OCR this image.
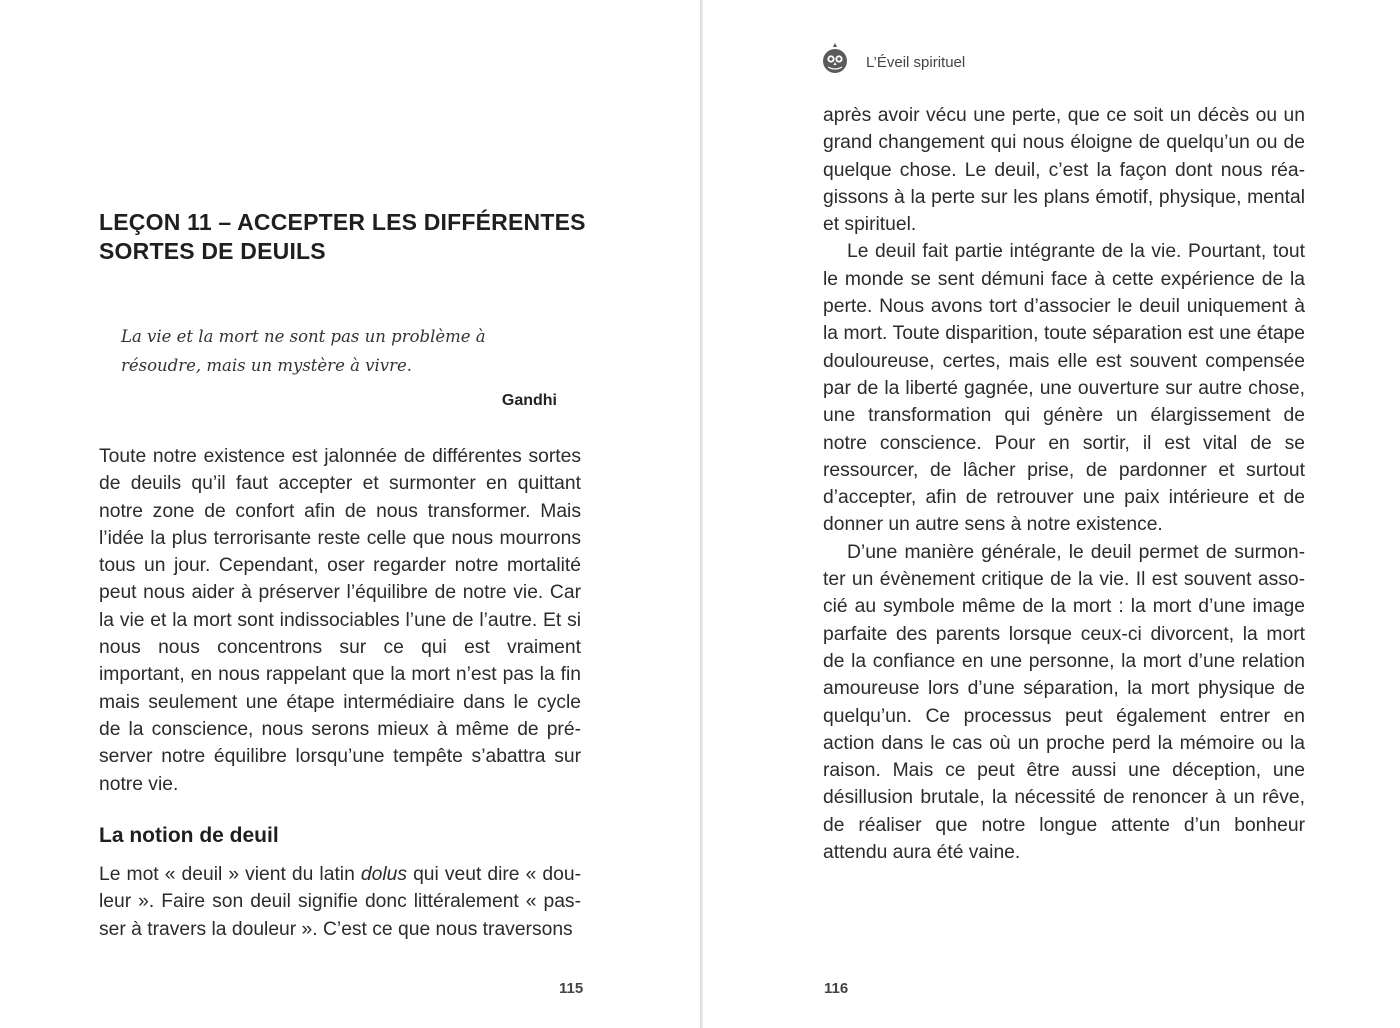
LEÇON 11 – ACCEPTER LES DIFFÉRENTES SORTES DE DEUILS

La vie et la mort ne sont pas un problème à résoudre, mais un mystère à vivre.

Gandhi

Toute notre existence est jalonnée de différentes sortes de deuils qu’il faut accepter et surmonter en quittant notre zone de confort afin de nous transformer. Mais l’idée la plus terrorisante reste celle que nous mourrons tous un jour. Cependant, oser regarder notre mortalité peut nous aider à préserver l’équilibre de notre vie. Car la vie et la mort sont indissociables l’une de l’autre. Et si nous nous concentrons sur ce qui est vraiment important, en nous rappelant que la mort n’est pas la fin mais seulement une étape intermédiaire dans le cycle de la conscience, nous serons mieux à même de préserver notre équilibre lorsqu’une tempête s’abattra sur notre vie.

La notion de deuil

Le mot « deuil » vient du latin dolus qui veut dire « douleur ». Faire son deuil signifie donc littéralement « passer à travers la douleur ». C’est ce que nous traversons

115

L’Éveil spirituel

après avoir vécu une perte, que ce soit un décès ou un grand changement qui nous éloigne de quelqu’un ou de quelque chose. Le deuil, c’est la façon dont nous réagissons à la perte sur les plans émotif, physique, mental et spirituel.

Le deuil fait partie intégrante de la vie. Pourtant, tout le monde se sent démuni face à cette expérience de la perte. Nous avons tort d’associer le deuil uniquement à la mort. Toute disparition, toute séparation est une étape douloureuse, certes, mais elle est souvent compensée par de la liberté gagnée, une ouverture sur autre chose, une transformation qui génère un élargissement de notre conscience. Pour en sortir, il est vital de se ressourcer, de lâcher prise, de pardonner et surtout d’accepter, afin de retrouver une paix intérieure et de donner un autre sens à notre existence.

D’une manière générale, le deuil permet de surmonter un évènement critique de la vie. Il est souvent associé au symbole même de la mort : la mort d’une image parfaite des parents lorsque ceux-ci divorcent, la mort de la confiance en une personne, la mort d’une relation amoureuse lors d’une séparation, la mort physique de quelqu’un. Ce processus peut également entrer en action dans le cas où un proche perd la mémoire ou la raison. Mais ce peut être aussi une déception, une désillusion brutale, la nécessité de renoncer à un rêve, de réaliser que notre longue attente d’un bonheur attendu aura été vaine.

116
